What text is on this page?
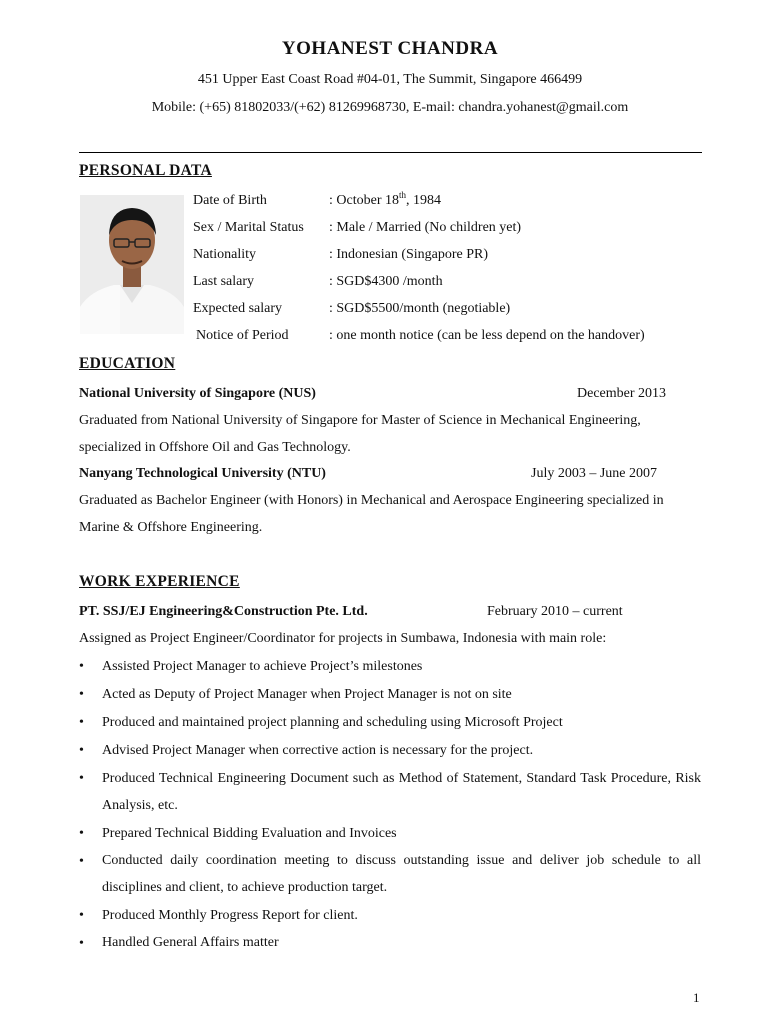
YOHANEST CHANDRA
451 Upper East Coast Road #04-01, The Summit, Singapore 466499
Mobile: (+65) 81802033/(+62) 81269968730, E-mail: chandra.yohanest@gmail.com
PERSONAL DATA
Date of Birth	: October 18th, 1984
Sex / Marital Status : Male / Married (No children yet)
Nationality	: Indonesian (Singapore PR)
Last salary	: SGD$4300 /month
Expected salary	: SGD$5500/month (negotiable)
Notice of Period	: one month notice (can be less depend on the handover)
EDUCATION
National University of Singapore (NUS)	December 2013
Graduated from National University of Singapore for Master of Science in Mechanical Engineering, specialized in Offshore Oil and Gas Technology.
Nanyang Technological University (NTU)	July 2003 – June 2007
Graduated as Bachelor Engineer (with Honors) in Mechanical and Aerospace Engineering specialized in Marine & Offshore Engineering.
WORK EXPERIENCE
PT. SSJ/EJ Engineering&Construction Pte. Ltd.	February 2010 – current
Assigned as Project Engineer/Coordinator for projects in Sumbawa, Indonesia with main role:
• Assisted Project Manager to achieve Project’s milestones
• Acted as Deputy of Project Manager when Project Manager is not on site
• Produced and maintained project planning and scheduling using Microsoft Project
• Advised Project Manager when corrective action is necessary for the project.
• Produced Technical Engineering Document such as Method of Statement, Standard Task Procedure, Risk Analysis, etc.
• Prepared Technical Bidding Evaluation and Invoices
• Conducted daily coordination meeting to discuss outstanding issue and deliver job schedule to all disciplines and client, to achieve production target.
• Produced Monthly Progress Report for client.
• Handled General Affairs matter
1
